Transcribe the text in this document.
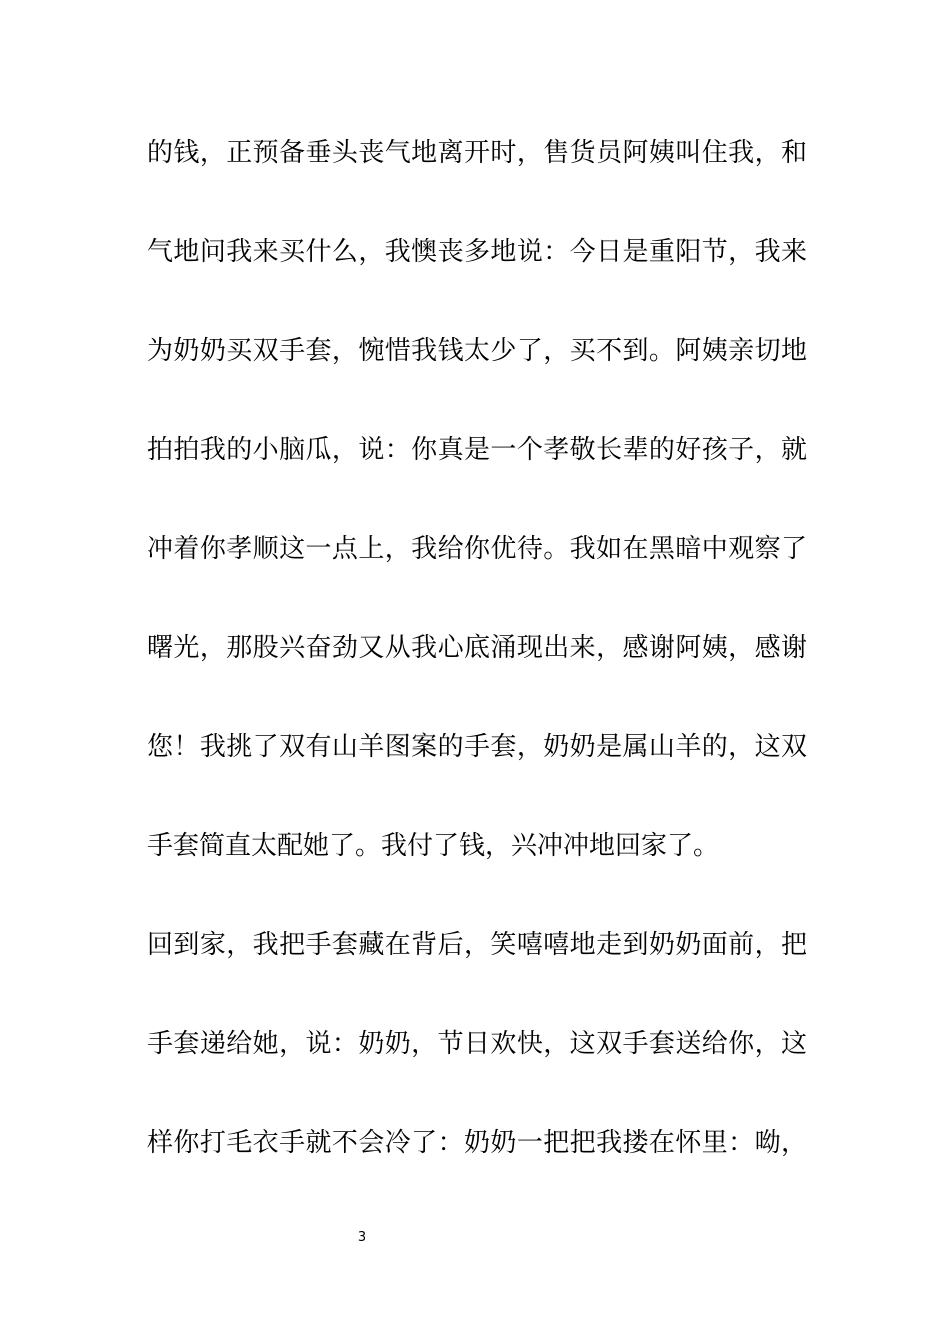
的钱，正预备垂头丧气地离开时，售货员阿姨叫住我，和
气地问我来买什么，我懊丧多地说：今日是重阳节，我来
为奶奶买双手套，惋惜我钱太少了，买不到。阿姨亲切地
拍拍我的小脑瓜，说：你真是一个孝敬长辈的好孩子，就
冲着你孝顺这一点上，我给你优待。我如在黑暗中观察了
曙光，那股兴奋劲又从我心底涌现出来，感谢阿姨，感谢
您！我挑了双有山羊图案的手套，奶奶是属山羊的，这双
手套简直太配她了。我付了钱，兴冲冲地回家了。
回到家，我把手套藏在背后，笑嘻嘻地走到奶奶面前，把
手套递给她，说：奶奶，节日欢快，这双手套送给你，这
样你打毛衣手就不会冷了：奶奶一把把我搂在怀里：呦，
3
